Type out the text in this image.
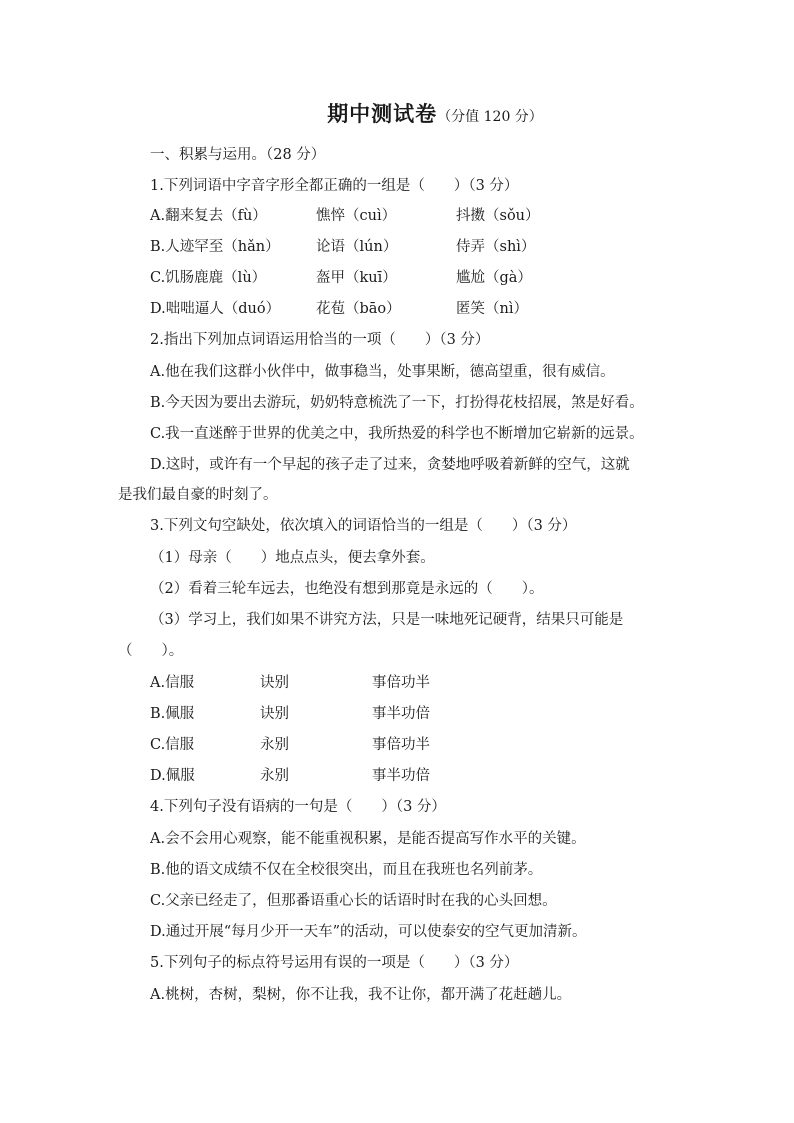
期中测试卷（分值 120 分）
一、积累与运用。（28 分）
1.下列词语中字音字形全都正确的一组是（　　）（3 分）
A.翻来复去（fù）	憔悴（cuì）	抖擞（sǒu）
B.人迹罕至（hǎn）	论语（lún）	侍弄（shì）
C.饥肠鹿鹿（lù）	盔甲（kuī）	尴尬（gà）
D.咄咄逼人（duó） 花苞（bāo）	匿笑（nì）
2.指出下列加点词语运用恰当的一项（　　）（3 分）
A.他在我们这群小伙伴中，做事稳当，处事果断，德高望重，很有威信。
B.今天因为要出去游玩，奶奶特意梳洗了一下，打扮得花枝招展，煞是好看。
C.我一直迷醉于世界的优美之中，我所热爱的科学也不断增加它崭新的远景。
D.这时，或许有一个早起的孩子走了过来，贪婪地呼吸着新鲜的空气，这就
是我们最自豪的时刻了。
3.下列文句空缺处，依次填入的词语恰当的一组是（　　）（3 分）
（1）母亲（　　）地点点头，便去拿外套。
（2）看着三轮车远去，也绝没有想到那竟是永远的（　　）。
（3）学习上，我们如果不讲究方法，只是一味地死记硬背，结果只可能是
（　　）。
A.信服	诀别	事倍功半
B.佩服	诀别	事半功倍
C.信服	永别	事倍功半
D.佩服	永别	事半功倍
4.下列句子没有语病的一句是（　　）（3 分）
A.会不会用心观察，能不能重视积累，是能否提高写作水平的关键。
B.他的语文成绩不仅在全校很突出，而且在我班也名列前茅。
C.父亲已经走了，但那番语重心长的话语时时在我的心头回想。
D.通过开展“每月少开一天车”的活动，可以使泰安的空气更加清新。
5.下列句子的标点符号运用有误的一项是（　　）（3 分）
A.桃树，杏树，梨树，你不让我，我不让你，都开满了花赶趟儿。
